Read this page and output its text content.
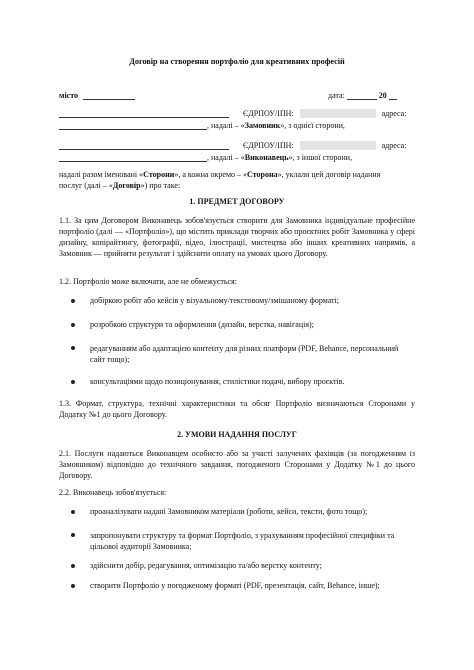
Договір на створення портфоліо для креативних професій
місто	дата:	20
ЄДРПОУ/ІПН:	адреса:
, надалі – «Замовник», з однієї сторони,
ЄДРПОУ/ІПН:	адреса:
, надалі – «Виконавець», з іншої сторони,
надалі разом іменовані «Сторони», а кожна окремо – «Сторона», уклали цей договір надання
послуг (далі – «Договір») про таке:
1. ПРЕДМЕТ ДОГОВОРУ
1.1. За цим Договором Виконавець зобов'язується створити для Замовника індивідуальне професійне портфоліо (далі — «Портфоліо»), що містить приклади творчих або проєктних робіт Замовника у сфері дизайну, копірайтингу, фотографії, відео, ілюстрації, мистецтва або інших креативних напрямів, а Замовник — прийняти результат і здійснити оплату на умовах цього Договору.
1.2. Портфоліо може включати, але не обмежується:
добіркою робіт або кейсів у візуальному/текстовому/змішаному форматі;
розробкою структури та оформлення (дизайн, верстка, навігація);
редагуванням або адаптацією контенту для різних платформ (PDF, Behance, персональний сайт тощо);
консультаціями щодо позиціонування, стилістики подачі, вибору проєктів.
1.3. Формат, структура, технічні характеристики та обсяг Портфоліо визначаються Сторонами у Додатку №1 до цього Договору.
2. УМОВИ НАДАННЯ ПОСЛУГ
2.1. Послуги надаються Виконавцем особисто або за участі залучених фахівців (за погодженням із Замовником) відповідно до технічного завдання, погодженого Сторонами у Додатку №1 до цього Договору.
2.2. Виконавець зобов'язується:
проаналізувати надані Замовником матеріали (роботи, кейси, тексти, фото тощо);
запропонувати структуру та формат Портфоліо, з урахуванням професійної специфіки та цільової аудиторії Замовника;
здійснити добір, редагування, оптимізацію та/або верстку контенту;
створити Портфоліо у погодженому форматі (PDF, презентація, сайт, Behance, інше);
